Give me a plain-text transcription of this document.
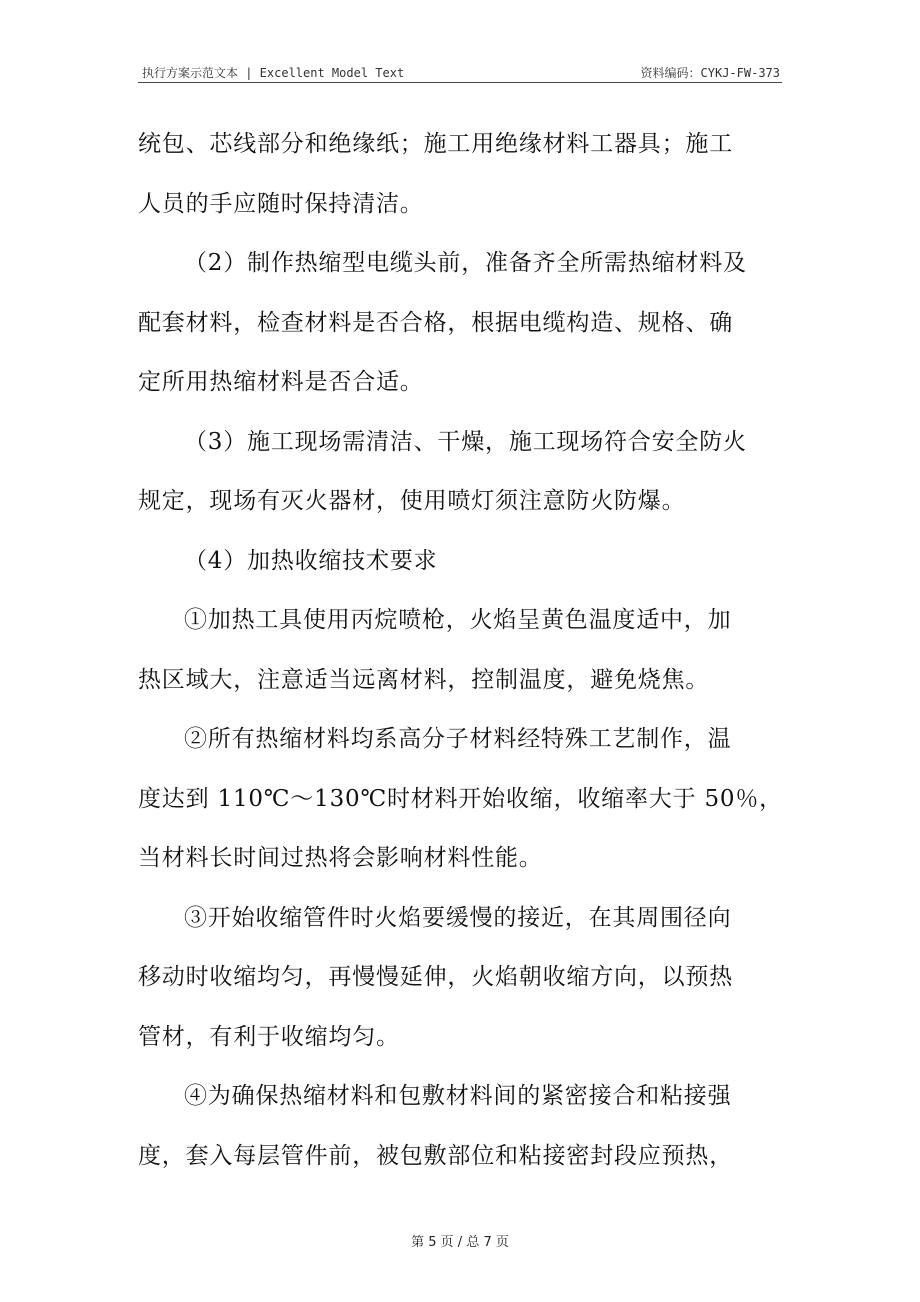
执行方案示范文本 | Excellent Model Text	资料编码：CYKJ-FW-373
统包、芯线部分和绝缘纸；施工用绝缘材料工器具；施工
人员的手应随时保持清洁。
（2）制作热缩型电缆头前，准备齐全所需热缩材料及
配套材料，检查材料是否合格，根据电缆构造、规格、确
定所用热缩材料是否合适。
（3）施工现场需清洁、干燥，施工现场符合安全防火
规定，现场有灭火器材，使用喷灯须注意防火防爆。
（4）加热收缩技术要求
①加热工具使用丙烷喷枪，火焰呈黄色温度适中，加
热区域大，注意适当远离材料，控制温度，避免烧焦。
②所有热缩材料均系高分子材料经特殊工艺制作，温
度达到 110℃～130℃时材料开始收缩，收缩率大于 50％，
当材料长时间过热将会影响材料性能。
③开始收缩管件时火焰要缓慢的接近，在其周围径向
移动时收缩均匀，再慢慢延伸，火焰朝收缩方向，以预热
管材，有利于收缩均匀。
④为确保热缩材料和包敷材料间的紧密接合和粘接强
度，套入每层管件前，被包敷部位和粘接密封段应预热，
第 5 页 / 总 7 页
